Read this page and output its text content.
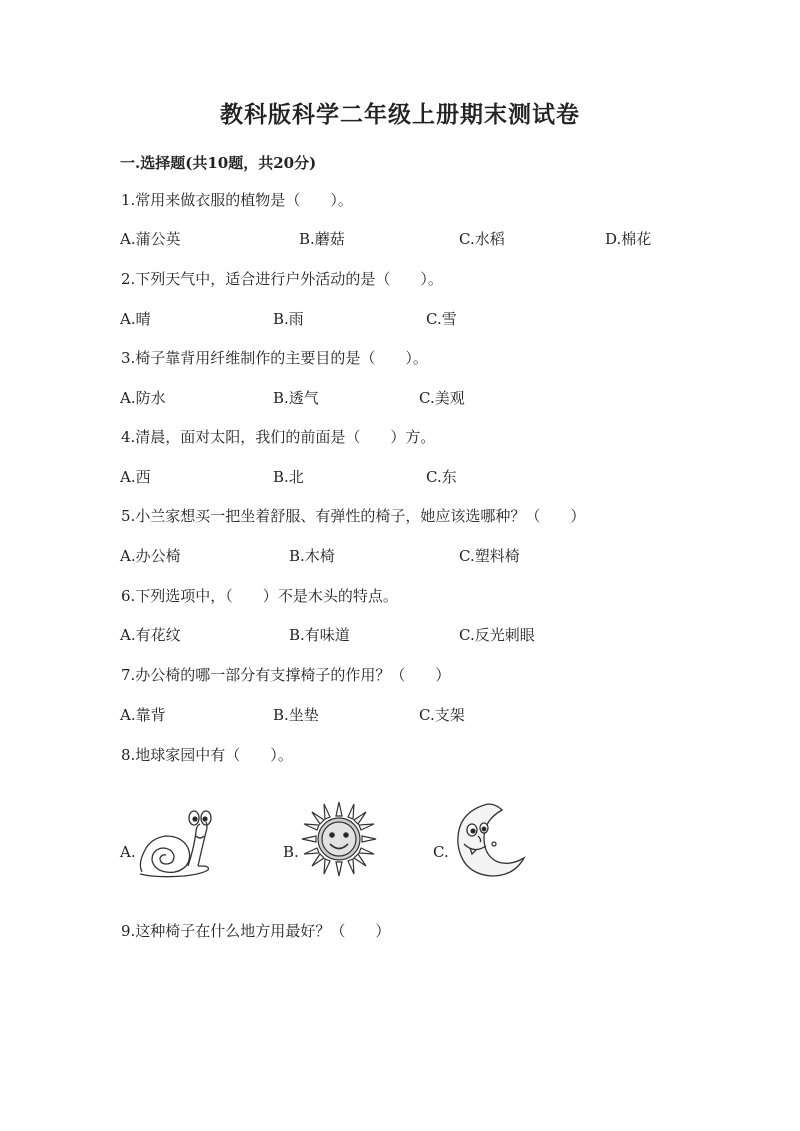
教科版科学二年级上册期末测试卷
一.选择题(共10题，共20分)
1.常用来做衣服的植物是（　　）。
A.蒲公英	B.蘑菇	C.水稻	D.棉花
2.下列天气中，适合进行户外活动的是（　　）。
A.晴	B.雨	C.雪
3.椅子靠背用纤维制作的主要目的是（　　）。
A.防水	B.透气	C.美观
4.清晨，面对太阳，我们的前面是（　　）方。
A.西	B.北	C.东
5.小兰家想买一把坐着舒服、有弹性的椅子，她应该选哪种？（　　）
A.办公椅	B.木椅	C.塑料椅
6.下列选项中，（　　）不是木头的特点。
A.有花纹	B.有味道	C.反光刺眼
7.办公椅的哪一部分有支撑椅子的作用？（　　）
A.靠背	B.坐垫	C.支架
8.地球家园中有（　　）。
A.	B.	C.
9.这种椅子在什么地方用最好？（　　）
